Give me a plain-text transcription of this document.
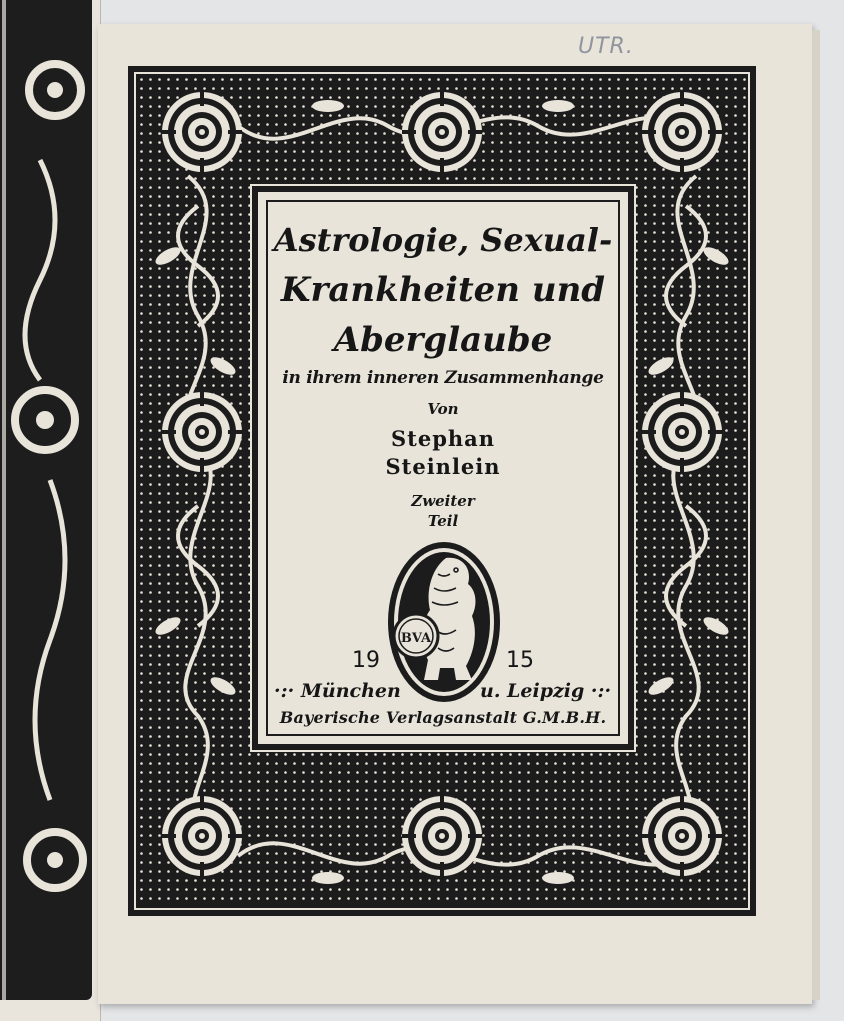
UTR.
Astrologie, Sexual-
Krankheiten und
Aberglaube
in ihrem inneren Zusammenhange
Von
Stephan
Steinlein
Zweiter
Teil
BVA
19	15
·:· München	u. Leipzig ·:·
Bayerische Verlagsanstalt G.M.B.H.
